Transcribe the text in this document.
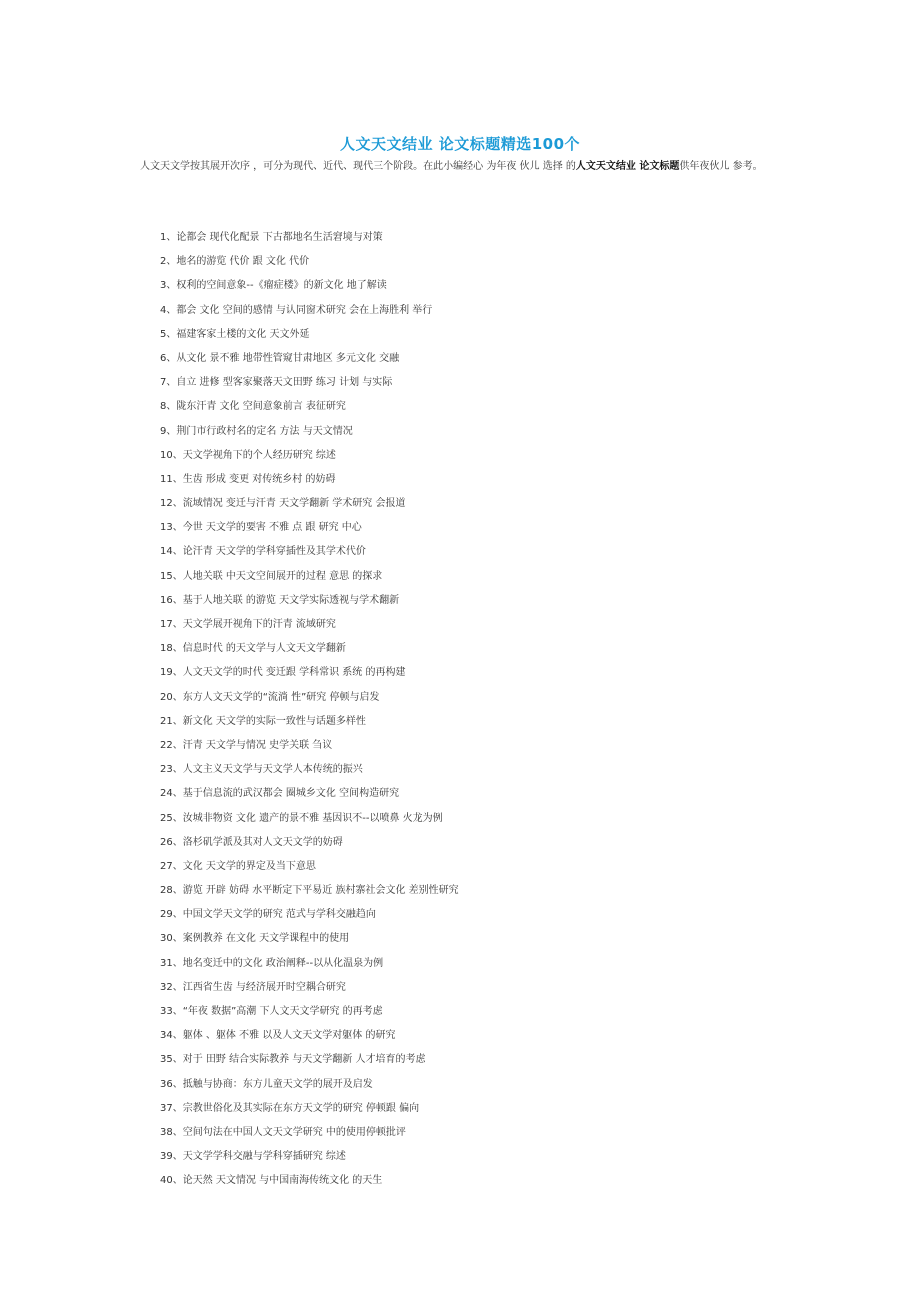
人文天文结业 论文标题精选100个

人文天文学按其展开次序 ，可分为现代、近代、现代三个阶段。在此小编经心 为年夜 伙儿 选择 的人文天文结业 论文标题供年夜伙儿 参考。

1、论都会 现代化配景 下古都地名生活窘境与对策
2、地名的游览 代价 跟 文化 代价
3、权利的空间意象--《瘤症楼》的新文化 地了解读
4、都会 文化 空间的感情 与认同窗术研究 会在上海胜利 举行
5、福建客家土楼的文化 天文外延
6、从文化 景不雅 地带性管窥甘肃地区 多元文化 交融
7、自立 进修 型客家聚落天文田野 练习 计划 与实际
8、陇东汗青 文化 空间意象前言 表征研究
9、荆门市行政村名的定名 方法 与天文情况
10、天文学视角下的个人经历研究 综述
11、生齿 形成 变更 对传统乡村 的妨碍
12、流域情况 变迁与汗青 天文学翻新 学术研究 会报道
13、今世 天文学的要害 不雅 点 跟 研究 中心
14、论汗青 天文学的学科穿插性及其学术代价
15、人地关联 中天文空间展开的过程 意思 的探求
16、基于人地关联 的游览 天文学实际透视与学术翻新
17、天文学展开视角下的汗青 流域研究
18、信息时代 的天文学与人文天文学翻新
19、人文天文学的时代 变迁跟 学科常识 系统 的再构建
20、东方人文天文学的“流淌 性”研究 停顿与启发
21、新文化 天文学的实际一致性与话题多样性
22、汗青 天文学与情况 史学关联 刍议
23、人文主义天文学与天文学人本传统的振兴
24、基于信息流的武汉都会 圈城乡文化 空间构造研究
25、汝城非物资 文化 遗产的景不雅 基因识不--以喷鼻 火龙为例
26、洛杉矶学派及其对人文天文学的妨碍
27、文化 天文学的界定及当下意思
28、游览 开辟 妨碍 水平断定下平易近 族村寨社会文化 差别性研究
29、中国文学天文学的研究 范式与学科交融趋向
30、案例教养 在文化 天文学课程中的使用
31、地名变迁中的文化 政治阐释--以从化温泉为例
32、江西省生齿 与经济展开时空耦合研究
33、“年夜 数据”高潮 下人文天文学研究 的再考虑
34、躯体 、躯体 不雅 以及人文天文学对躯体 的研究
35、对于 田野 结合实际教养 与天文学翻新 人才培育的考虑
36、抵触与协商：东方儿童天文学的展开及启发
37、宗教世俗化及其实际在东方天文学的研究 停顿跟 偏向
38、空间句法在中国人文天文学研究 中的使用停顿批评
39、天文学学科交融与学科穿插研究 综述
40、论天然 天文情况 与中国南海传统文化 的天生
